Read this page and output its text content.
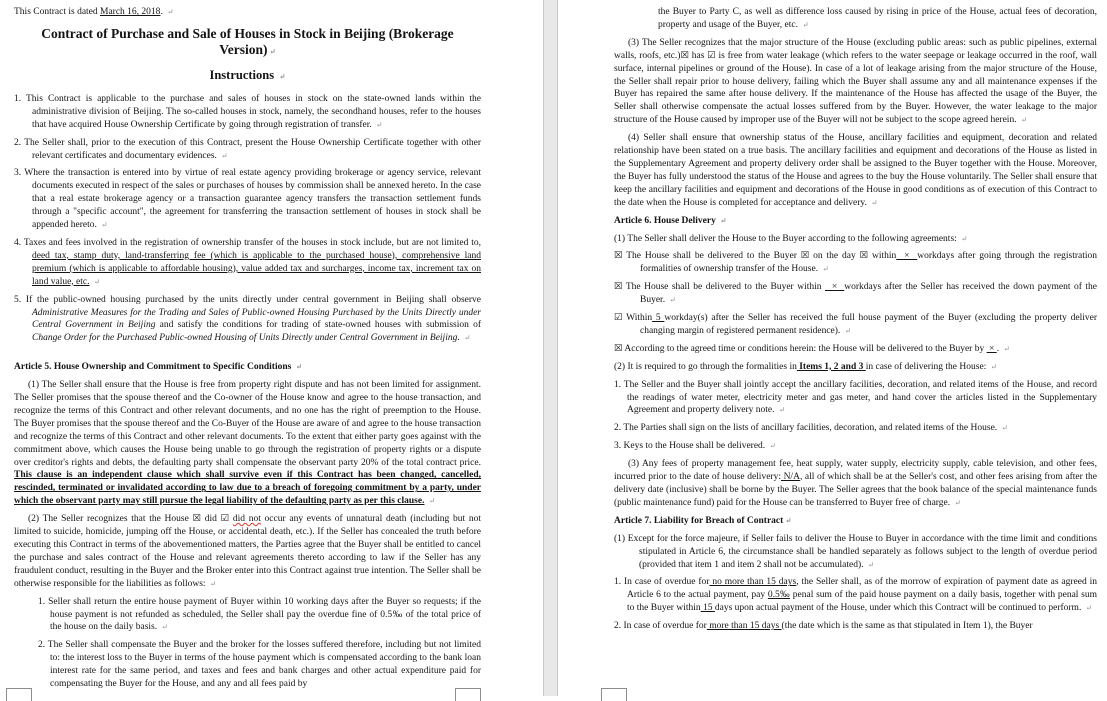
This Contract is dated March 16, 2018. ↵
Contract of Purchase and Sale of Houses in Stock in Beijing (Brokerage Version) ↵
Instructions ↵
1. This Contract is applicable to the purchase and sales of houses in stock on the state-owned lands within the administrative division of Beijing. The so-called houses in stock, namely, the secondhand houses, refer to the houses that have acquired House Ownership Certificate by going through registration of transfer. ↵
2. The Seller shall, prior to the execution of this Contract, present the House Ownership Certificate together with other relevant certificates and documentary evidences. ↵
3. Where the transaction is entered into by virtue of real estate agency providing brokerage or agency service, relevant documents executed in respect of the sales or purchases of houses by commission shall be annexed hereto. In the case that a real estate brokerage agency or a transaction guarantee agency transfers the transaction settlement funds through a "specific account", the agreement for transferring the transaction settlement of houses in stock shall be appended hereto. ↵
4. Taxes and fees involved in the registration of ownership transfer of the houses in stock include, but are not limited to, deed tax, stamp duty, land-transferring fee (which is applicable to the purchased house), comprehensive land premium (which is applicable to affordable housing), value added tax and surcharges, income tax, increment tax on land value, etc. ↵
5. If the public-owned housing purchased by the units directly under central government in Beijing shall observe Administrative Measures for the Trading and Sales of Public-owned Housing Purchased by the Units Directly under Central Government in Beijing and satisfy the conditions for trading of state-owned houses with submission of Change Order for the Purchased Public-owned Housing of Units Directly under Central Government in Beijing. ↵
Article 5. House Ownership and Commitment to Specific Conditions ↵
(1) The Seller shall ensure that the House is free from property right dispute and has not been limited for assignment. The Seller promises that the spouse thereof and the Co-owner of the House know and agree to the house transaction, and recognize the terms of this Contract and other relevant documents, and no one has the right of preemption to the House. The Buyer promises that the spouse thereof and the Co-Buyer of the House are aware of and agree to the house transaction and recognize the terms of this Contract and other relevant documents. To the extent that either party goes against with the commitment above, which causes the House being unable to go through the registration of property rights or a dispute over creditor's rights and debts, the defaulting party shall compensate the observant party 20% of the total contract price. This clause is an independent clause which shall survive even if this Contract has been changed, cancelled, rescinded, terminated or invalidated according to law due to a breach of foregoing commitment by a party, under which the observant party may still pursue the legal liability of the defaulting party as per this clause. ↵
(2) The Seller recognizes that the House ☒ did ☑ did not occur any events of unnatural death (including but not limited to suicide, homicide, jumping off the House, or accidental death, etc.). If the Seller has concealed the truth before executing this Contract in terms of the abovementioned matters, the Parties agree that the Buyer shall be entitled to cancel the purchase and sales contract of the House and relevant agreements thereto according to law if the Seller has any fraudulent conduct, resulting in the Buyer and the Broker enter into this Contract against true intention. The Seller shall be otherwise responsible for the liabilities as follows: ↵
1. Seller shall return the entire house payment of Buyer within 10 working days after the Buyer so requests; if the house payment is not refunded as scheduled, the Seller shall pay the overdue fine of 0.5‰ of the total price of the house on the daily basis. ↵
2. The Seller shall compensate the Buyer and the broker for the losses suffered therefore, including but not limited to: the interest loss to the Buyer in terms of the house payment which is compensated according to the bank loan interest rate for the same period, and taxes and fees and bank charges and other actual expenditure paid for compensating the Buyer for the House, and any and all fees paid by
the Buyer to Party C, as well as difference loss caused by rising in price of the House, actual fees of decoration, property and usage of the Buyer, etc. ↵
(3) The Seller recognizes that the major structure of the House (excluding public areas: such as public pipelines, external walls, roofs, etc.)☒ has ☑ is free from water leakage (which refers to the water seepage or leakage occurred in the roof, wall surface, internal pipelines or ground of the House). In case of a lot of leakage arising from the major structure of the House, the Seller shall repair prior to house delivery, failing which the Buyer shall assume any and all maintenance expenses if the Buyer has repaired the same after house delivery. If the maintenance of the House has affected the usage of the Buyer, the Seller shall otherwise compensate the actual losses suffered from by the Buyer. However, the water leakage to the major structure of the House caused by improper use of the Buyer will not be subject to the scope agreed herein. ↵
(4) Seller shall ensure that ownership status of the House, ancillary facilities and equipment, decoration and related relationship have been stated on a true basis. The ancillary facilities and equipment and decorations of the House as listed in the Supplementary Agreement and property delivery order shall be assigned to the Buyer together with the House. Moreover, the Buyer has fully understood the status of the House and agrees to the buy the House voluntarily. The Seller shall ensure that keep the ancillary facilities and equipment and decorations of the House in good conditions as of execution of this Contract to the date when the House is completed for acceptance and delivery. ↵
Article 6. House Delivery ↵
(1) The Seller shall deliver the House to the Buyer according to the following agreements: ↵
☒ The House shall be delivered to the Buyer ☒ on the day ☒ within  ×  workdays after going through the registration formalities of ownership transfer of the House. ↵
☒ The House shall be delivered to the Buyer within   ×  workdays after the Seller has received the down payment of the Buyer. ↵
☑ Within 5 workday(s) after the Seller has received the full house payment of the Buyer (excluding the property deliver changing margin of registered permanent residence). ↵
☒ According to the agreed time or conditions herein: the House will be delivered to the Buyer by  × . ↵
(2) It is required to go through the formalities in Items 1, 2 and 3 in case of delivering the House: ↵
1. The Seller and the Buyer shall jointly accept the ancillary facilities, decoration, and related items of the House, and record the readings of water meter, electricity meter and gas meter, and hand cover the articles listed in the Supplementary Agreement and property delivery note. ↵
2. The Parties shall sign on the lists of ancillary facilities, decoration, and related items of the House. ↵
3. Keys to the House shall be delivered. ↵
(3) Any fees of property management fee, heat supply, water supply, electricity supply, cable television, and other fees, incurred prior to the date of house delivery: N/A, all of which shall be at the Seller's cost, and other fees arising from after the delivery date (inclusive) shall be borne by the Buyer. The Seller agrees that the book balance of the special maintenance funds (public maintenance fund) paid for the House can be transferred to Buyer free of charge. ↵
Article 7. Liability for Breach of Contract ↵
(1) Except for the force majeure, if Seller fails to deliver the House to Buyer in accordance with the time limit and conditions stipulated in Article 6, the circumstance shall be handled separately as follows subject to the length of overdue period (provided that item 1 and item 2 shall not be accumulated). ↵
1. In case of overdue for no more than 15 days, the Seller shall, as of the morrow of expiration of payment date as agreed in Article 6 to the actual payment, pay 0.5‰ penal sum of the paid house payment on a daily basis, together with penal sum to the Buyer within 15 days upon actual payment of the House, under which this Contract will be continued to perform. ↵
2. In case of overdue for more than 15 days (the date which is the same as that stipulated in Item 1), the Buyer
